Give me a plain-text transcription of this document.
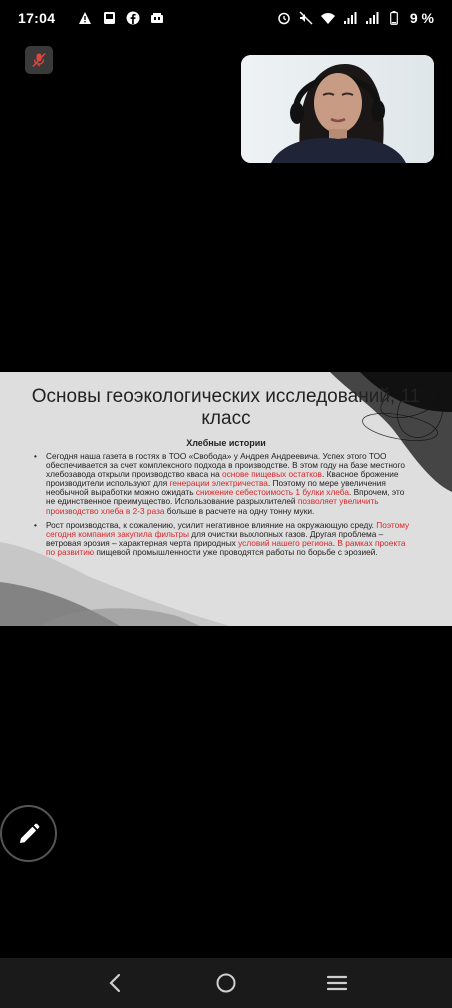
17:04	9 %
Основы геоэкологических исследований, 11 класс
Хлебные истории
• Сегодня наша газета в гостях в ТОО «Свобода» у Андрея Андреевича. Успех этого ТОО обеспечивается за счет комплексного подхода в производстве. В этом году на базе местного хлебозавода открыли производство кваса на основе пищевых остатков. Квасное брожение производители используют для генерации электричества. Поэтому по мере увеличения необычной выработки можно ожидать снижение себестоимость 1 булки хлеба. Впрочем, это не единственное преимущество. Использование разрыхлителей позволяет увеличить производство хлеба в 2-3 раза больше в расчете на одну тонну муки.
• Рост производства, к сожалению, усилит негативное влияние на окружающую среду. Поэтому сегодня компания закупила фильтры для очистки выхлопных газов. Другая проблема – ветровая эрозия – характерная черта природных условий нашего региона. В рамках проекта по развитию пищевой промышленности уже проводятся работы по борьбе с эрозией.
